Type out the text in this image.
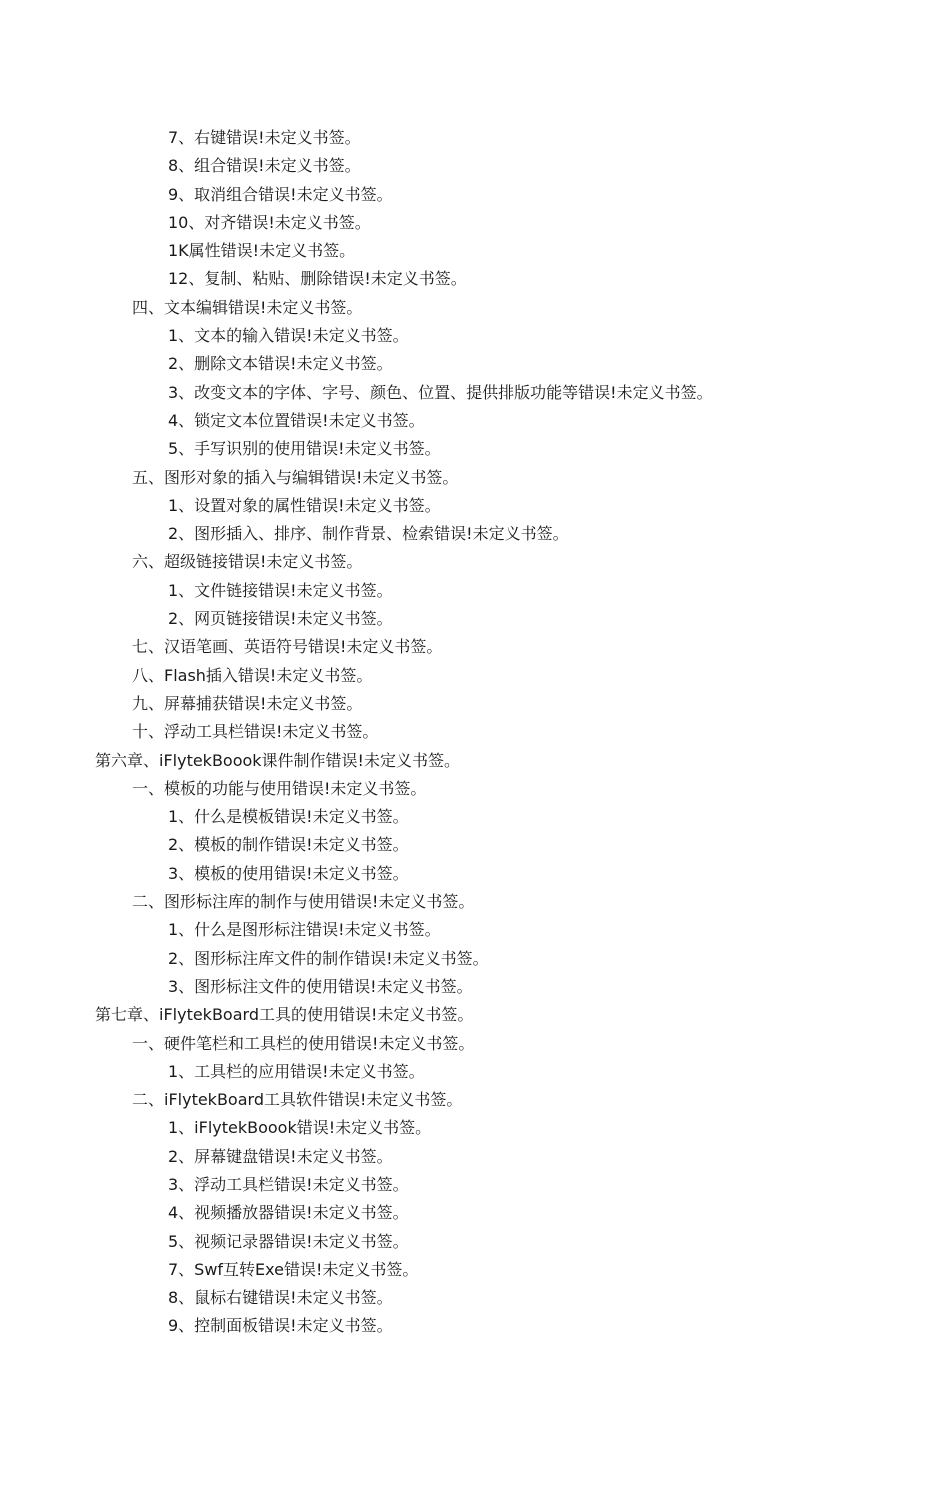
7、右键错误!未定义书签。
8、组合错误!未定义书签。
9、取消组合错误!未定义书签。
10、对齐错误!未定义书签。
1K属性错误!未定义书签。
12、复制、粘贴、删除错误!未定义书签。
四、文本编辑错误!未定义书签。
1、文本的输入错误!未定义书签。
2、删除文本错误!未定义书签。
3、改变文本的字体、字号、颜色、位置、提供排版功能等错误!未定义书签。
4、锁定文本位置错误!未定义书签。
5、手写识别的使用错误!未定义书签。
五、图形对象的插入与编辑错误!未定义书签。
1、设置对象的属性错误!未定义书签。
2、图形插入、排序、制作背景、检索错误!未定义书签。
六、超级链接错误!未定义书签。
1、文件链接错误!未定义书签。
2、网页链接错误!未定义书签。
七、汉语笔画、英语符号错误!未定义书签。
八、Flash插入错误!未定义书签。
九、屏幕捕获错误!未定义书签。
十、浮动工具栏错误!未定义书签。
第六章、iFlytekBoook课件制作错误!未定义书签。
一、模板的功能与使用错误!未定义书签。
1、什么是模板错误!未定义书签。
2、模板的制作错误!未定义书签。
3、模板的使用错误!未定义书签。
二、图形标注库的制作与使用错误!未定义书签。
1、什么是图形标注错误!未定义书签。
2、图形标注库文件的制作错误!未定义书签。
3、图形标注文件的使用错误!未定义书签。
第七章、iFlytekBoard工具的使用错误!未定义书签。
一、硬件笔栏和工具栏的使用错误!未定义书签。
1、工具栏的应用错误!未定义书签。
二、iFlytekBoard工具软件错误!未定义书签。
1、iFlytekBoook错误!未定义书签。
2、屏幕键盘错误!未定义书签。
3、浮动工具栏错误!未定义书签。
4、视频播放器错误!未定义书签。
5、视频记录器错误!未定义书签。
7、Swf互转Exe错误!未定义书签。
8、鼠标右键错误!未定义书签。
9、控制面板错误!未定义书签。
